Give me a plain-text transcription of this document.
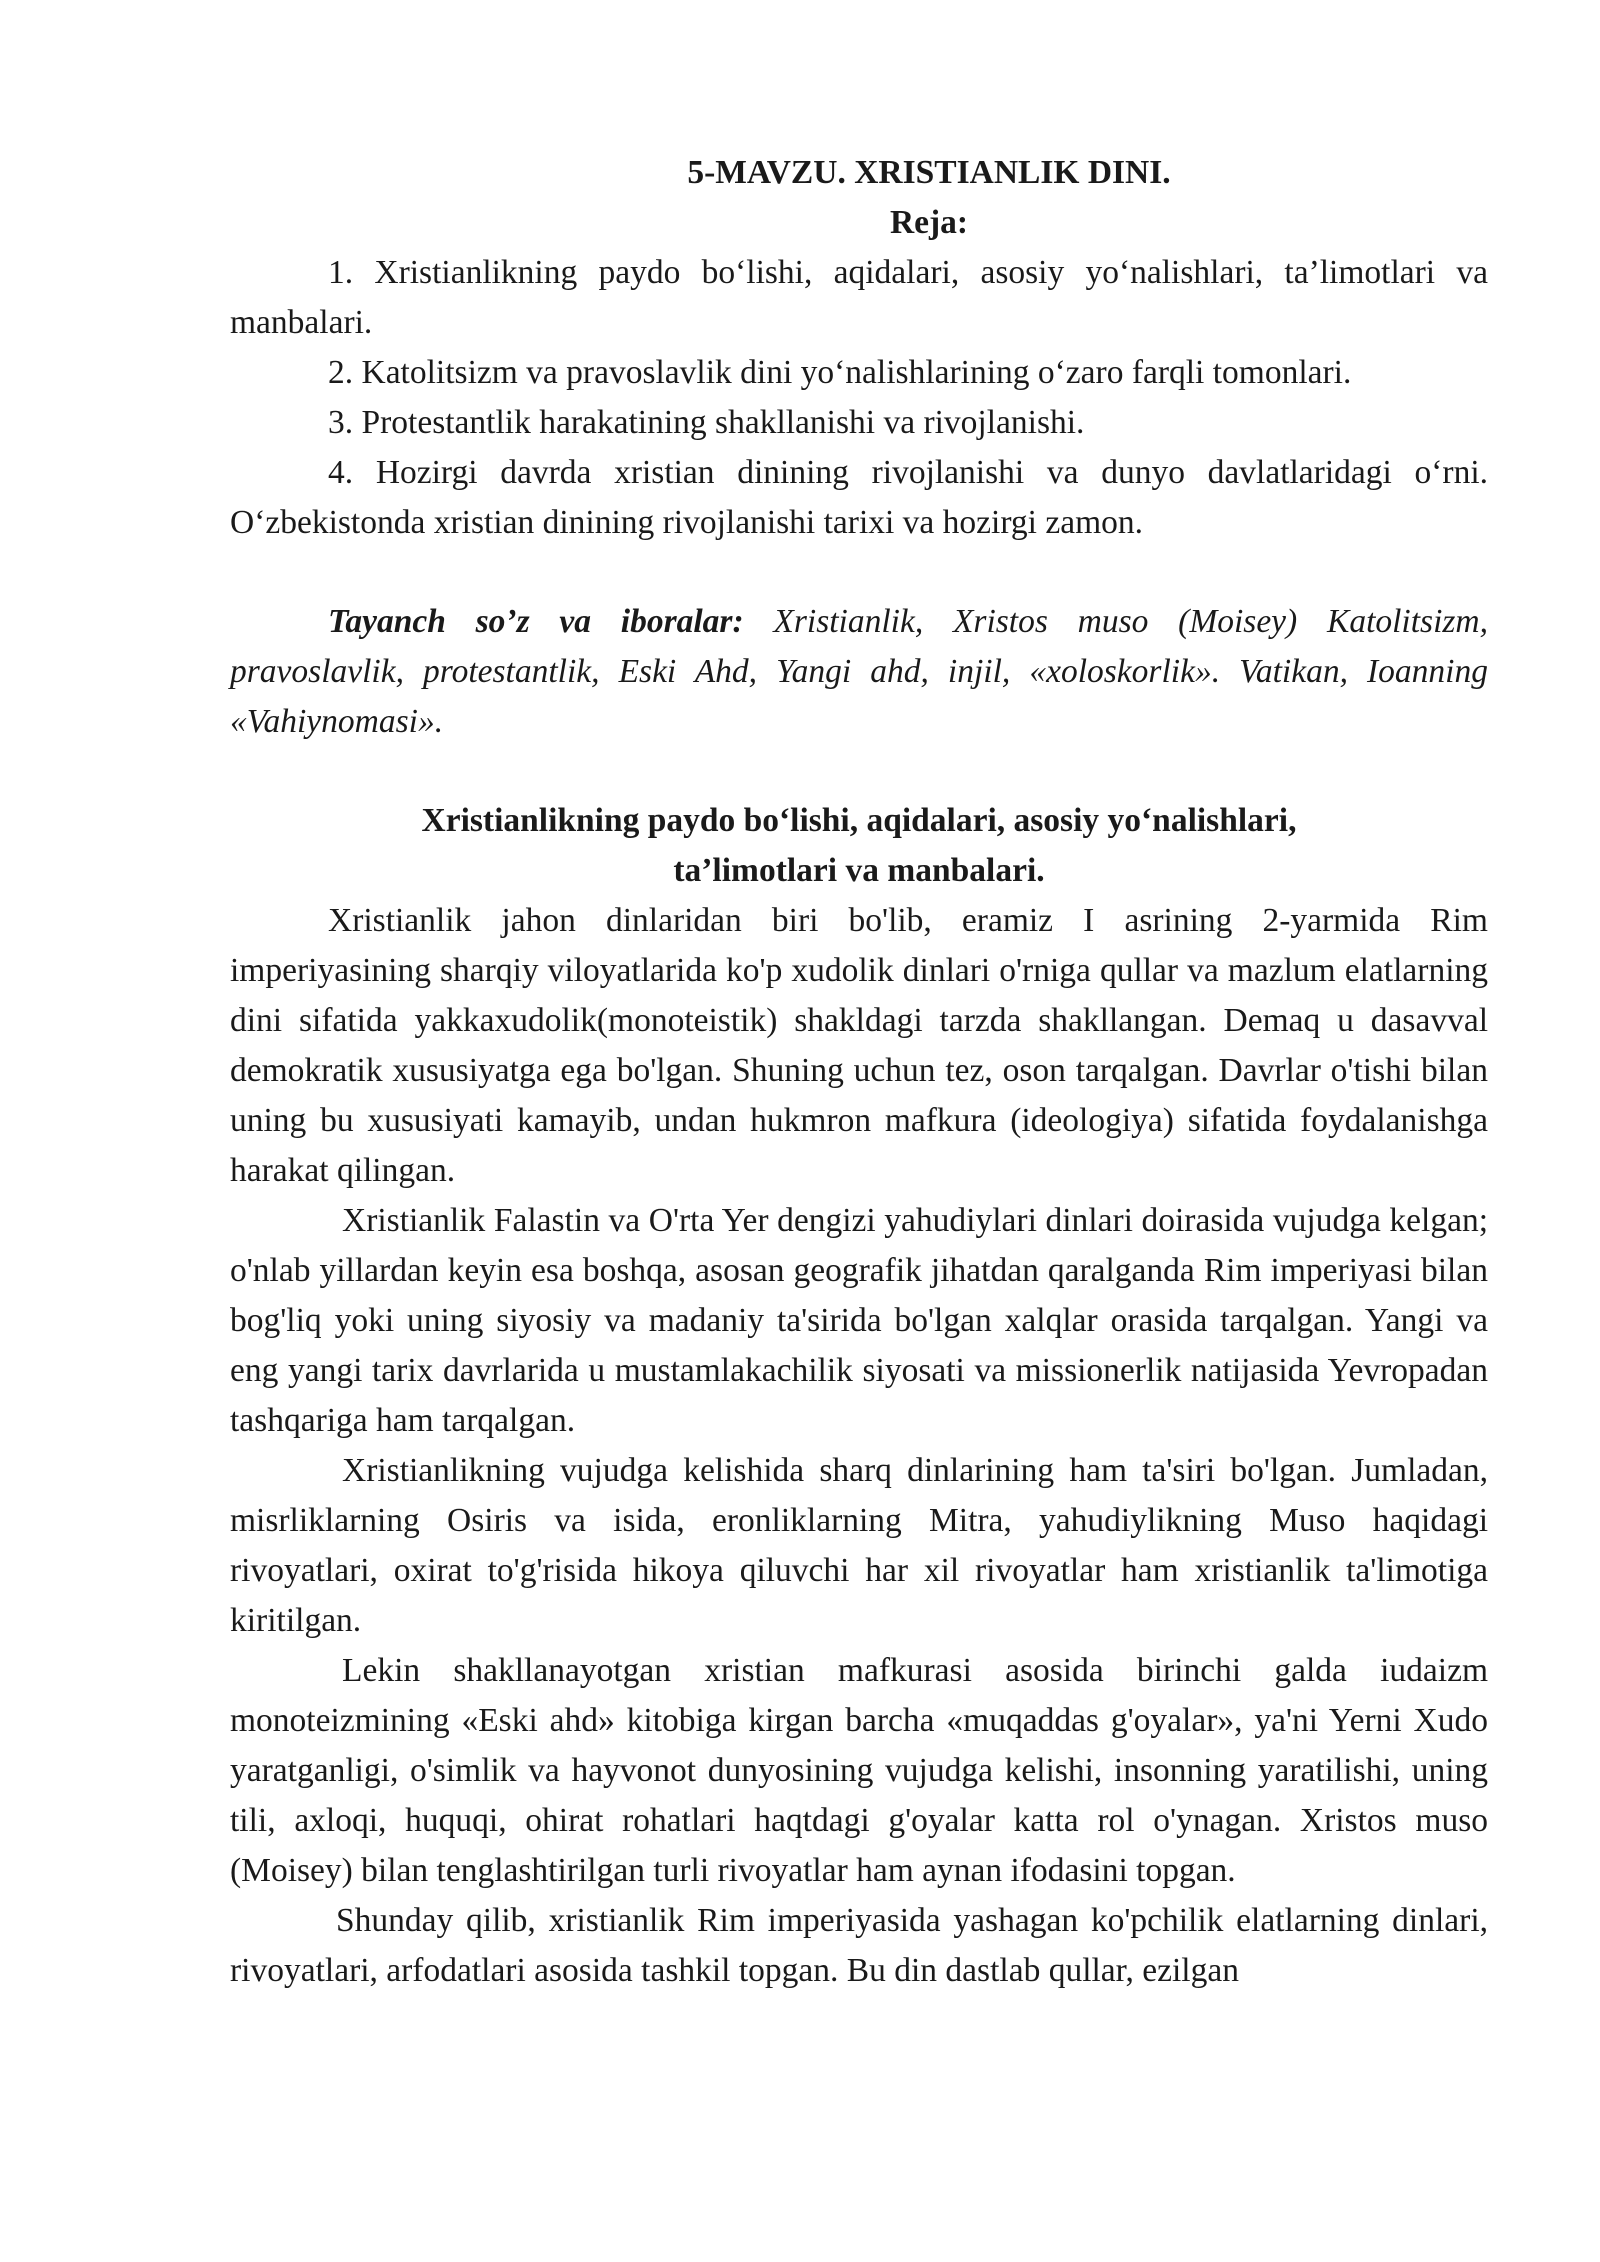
5-MAVZU. XRISTIANLIK DINI.

Reja:

1. Xristianlikning paydo bo‘lishi, aqidalari, asosiy yo‘nalishlari, ta’limotlari va manbalari.

2. Katolitsizm va pravoslavlik dini yo‘nalishlarining o‘zaro farqli tomonlari.

3. Protestantlik harakatining shakllanishi va rivojlanishi.

4. Hozirgi davrda xristian dinining rivojlanishi va dunyo davlatlaridagi o‘rni. O‘zbekistonda xristian dinining rivojlanishi tarixi va hozirgi zamon.

Tayanch so’z va iboralar: Xristianlik, Xristos muso (Moisey) Katolitsizm, pravoslavlik, protestantlik, Eski Ahd, Yangi ahd, injil, «xoloskorlik». Vatikan, Ioanning «Vahiynomasi».

Xristianlikning paydo bo‘lishi, aqidalari, asosiy yo‘nalishlari,
ta’limotlari va manbalari.

Xristianlik jahon dinlaridan biri bo'lib, eramiz I asrining 2-yarmida Rim imperiyasining sharqiy viloyatlarida ko'p xudolik dinlari o'rniga qullar va mazlum elatlarning dini sifatida yakkaxudolik(monoteistik) shakldagi tarzda shakllangan. Demaq u dasavval demokratik xususiyatga ega bo'lgan. Shuning uchun tez, oson tarqalgan. Davrlar o'tishi bilan uning bu xususiyati kamayib, undan hukmron mafkura (ideologiya) sifatida foydalanishga harakat qilingan.

Xristianlik Falastin va O'rta Yer dengizi yahudiylari dinlari doirasida vujudga kelgan; o'nlab yillardan keyin esa boshqa, asosan geografik jihatdan qaralganda Rim imperiyasi bilan bog'liq yoki uning siyosiy va madaniy ta'sirida bo'lgan xalqlar orasida tarqalgan. Yangi va eng yangi tarix davrlarida u mustamlakachilik siyosati va missionerlik natijasida Yevropadan tashqariga ham tarqalgan.

Xristianlikning vujudga kelishida sharq dinlarining ham ta'siri bo'lgan. Jumladan, misrliklarning Osiris va isida, eronliklarning Mitra, yahudiylikning Muso haqidagi rivoyatlari, oxirat to'g'risida hikoya qiluvchi har xil rivoyatlar ham xristianlik ta'limotiga kiritilgan.

Lekin shakllanayotgan xristian mafkurasi asosida birinchi galda iudaizm monoteizmining «Eski ahd» kitobiga kirgan barcha «muqaddas g'oyalar», ya'ni Yerni Xudo yaratganligi, o'simlik va hayvonot dunyosining vujudga kelishi, insonning yaratilishi, uning tili, axloqi, huquqi, ohirat rohatlari haqtdagi g'oyalar katta rol o'ynagan. Xristos muso (Moisey) bilan tenglashtirilgan turli rivoyatlar ham aynan ifodasini topgan.

Shunday qilib, xristianlik Rim imperiyasida yashagan ko'pchilik elatlarning dinlari, rivoyatlari, arfodatlari asosida tashkil topgan. Bu din dastlab qullar, ezilgan
